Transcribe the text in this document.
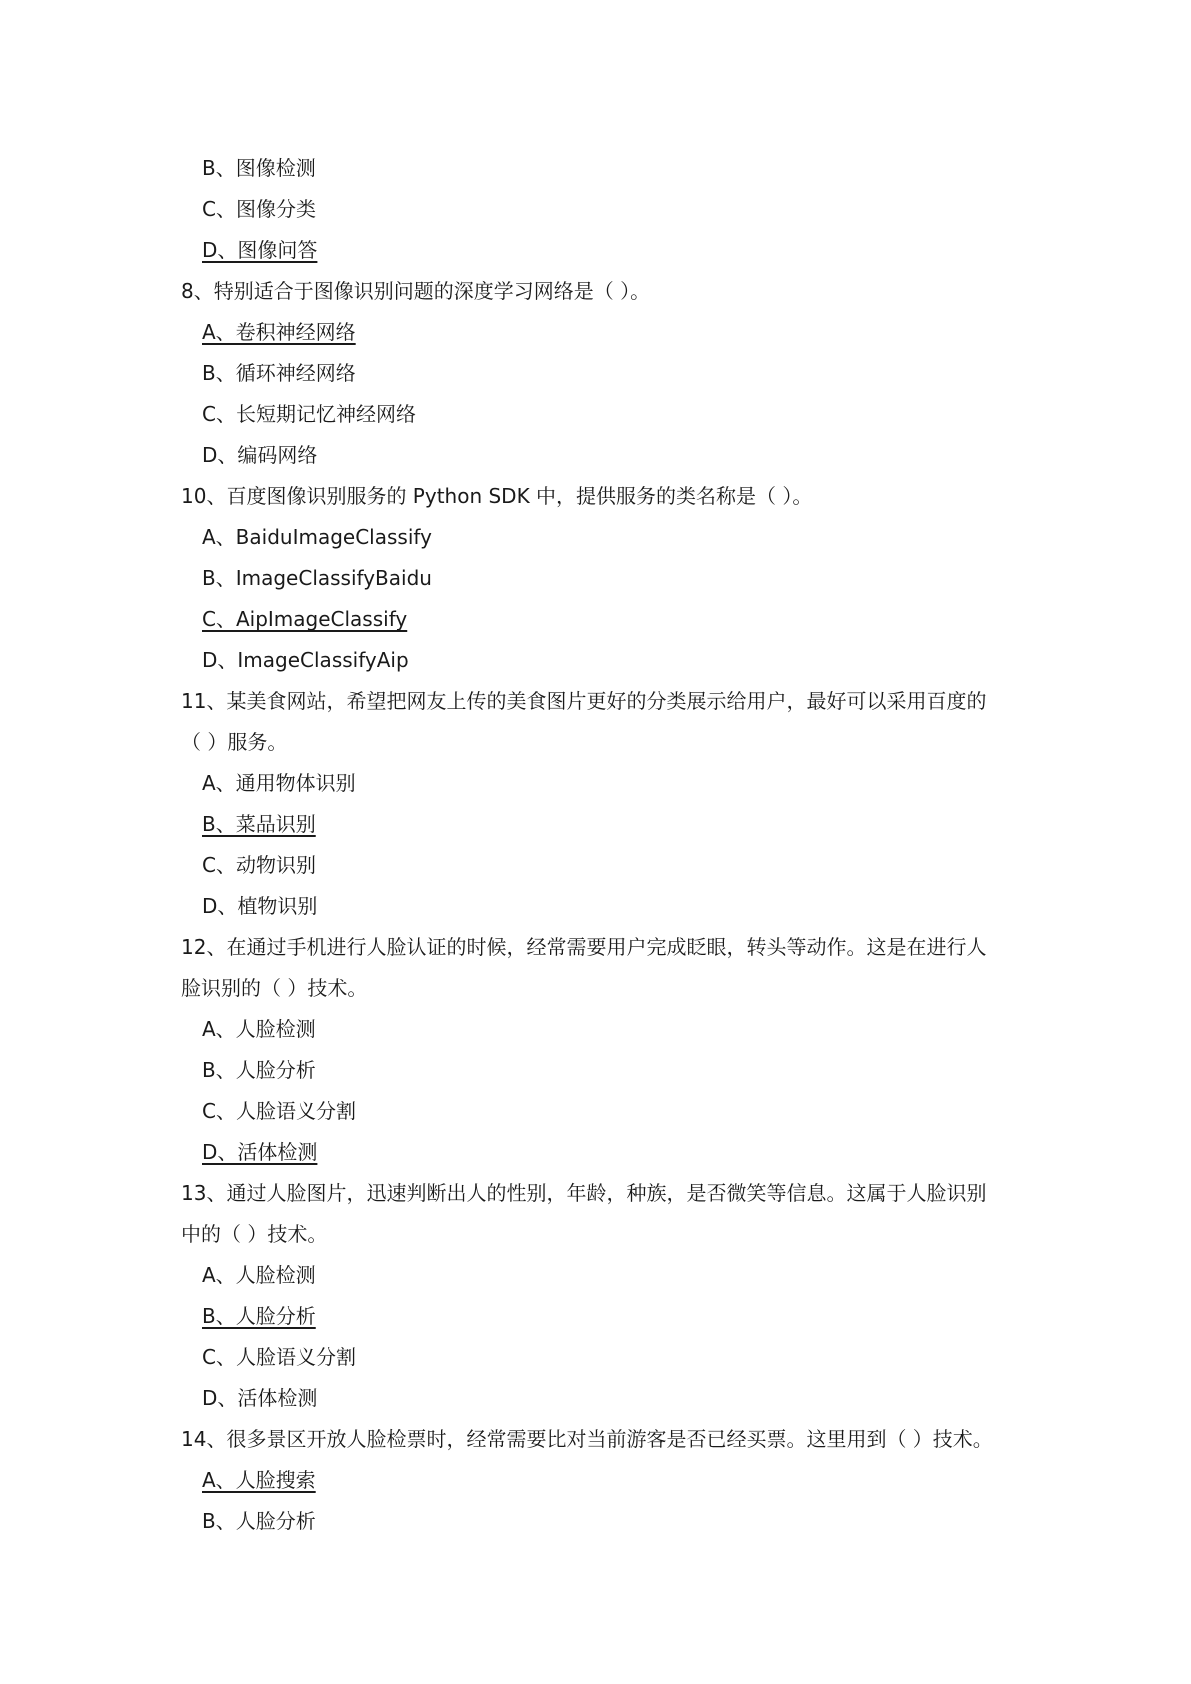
B、图像检测
C、图像分类
D、图像问答
8、特别适合于图像识别问题的深度学习网络是（ ）。
A、卷积神经网络
B、循环神经网络
C、长短期记忆神经网络
D、编码网络
10、百度图像识别服务的 Python SDK 中，提供服务的类名称是（ ）。
A、BaiduImageClassify
B、ImageClassifyBaidu
C、AipImageClassify
D、ImageClassifyAip
11、某美食网站，希望把网友上传的美食图片更好的分类展示给用户，最好可以采用百度的
（ ）服务。
A、通用物体识别
B、菜品识别
C、动物识别
D、植物识别
12、在通过手机进行人脸认证的时候，经常需要用户完成眨眼，转头等动作。这是在进行人
脸识别的（ ）技术。
A、人脸检测
B、人脸分析
C、人脸语义分割
D、活体检测
13、通过人脸图片，迅速判断出人的性别，年龄，种族，是否微笑等信息。这属于人脸识别
中的（ ）技术。
A、人脸检测
B、人脸分析
C、人脸语义分割
D、活体检测
14、很多景区开放人脸检票时，经常需要比对当前游客是否已经买票。这里用到（ ）技术。
A、人脸搜索
B、人脸分析
